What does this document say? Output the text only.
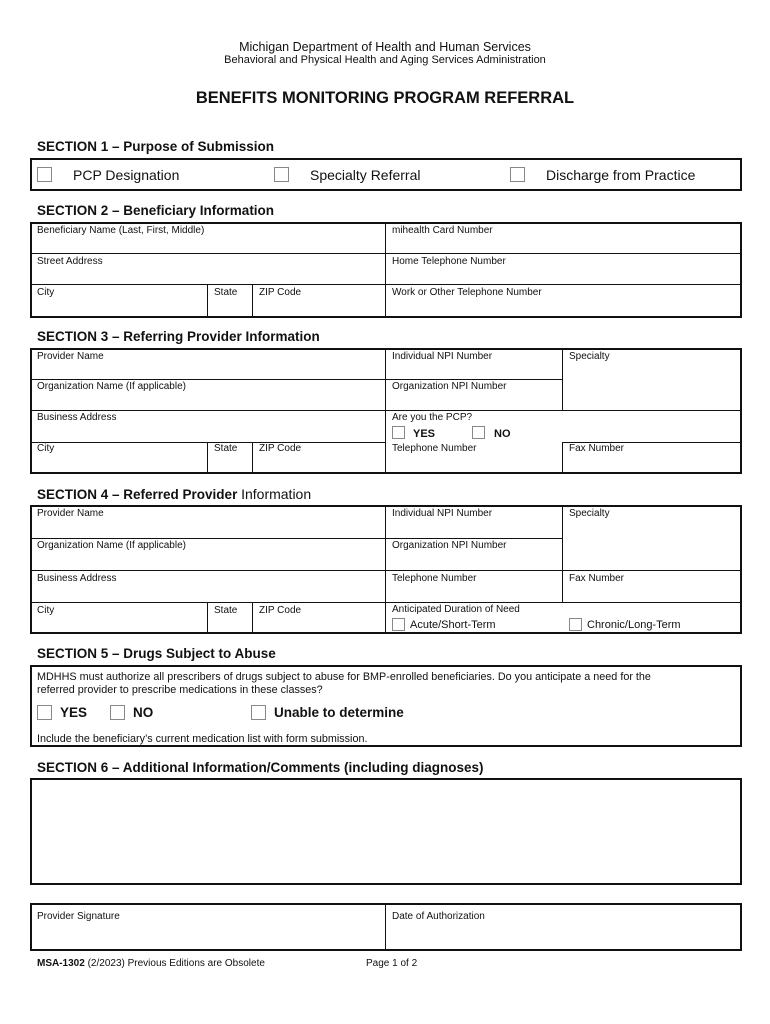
Michigan Department of Health and Human Services
Behavioral and Physical Health and Aging Services Administration
BENEFITS MONITORING PROGRAM REFERRAL
SECTION 1 – Purpose of Submission
PCP Designation	Specialty Referral	Discharge from Practice
SECTION 2 – Beneficiary Information
Beneficiary Name (Last, First, Middle)	mihealth Card Number
Street Address	Home Telephone Number
City	State ZIP Code	Work or Other Telephone Number
SECTION 3 – Referring Provider Information
Provider Name	Individual NPI Number	Specialty
Organization Name (If applicable)	Organization NPI Number
Business Address	Are you the PCP?
YES	NO
City	State ZIP Code	Telephone Number	Fax Number
SECTION 4 – Referred Provider Information
Provider Name	Individual NPI Number	Specialty
Organization Name (If applicable)	Organization NPI Number
Business Address	Telephone Number	Fax Number
City	State ZIP Code	Anticipated Duration of Need
Acute/Short-Term	Chronic/Long-Term
SECTION 5 – Drugs Subject to Abuse
MDHHS must authorize all prescribers of drugs subject to abuse for BMP-enrolled beneficiaries. Do you anticipate a need for the
referred provider to prescribe medications in these classes?
YES	NO	Unable to determine
Include the beneficiary’s current medication list with form submission.
SECTION 6 – Additional Information/Comments (including diagnoses)
Provider Signature	Date of Authorization
MSA-1302 (2/2023) Previous Editions are Obsolete	Page 1 of 2
